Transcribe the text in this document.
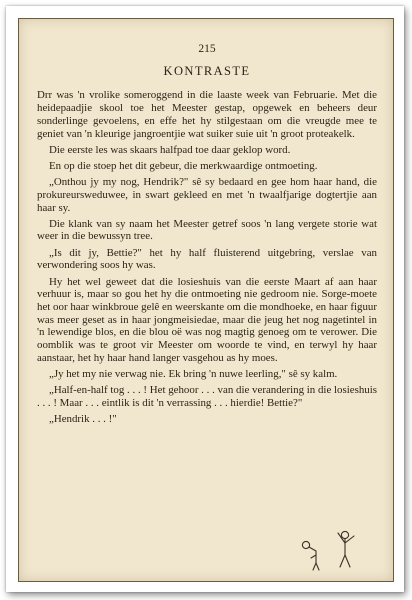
215
KONTRASTE

Drr was 'n vrolike someroggend in die laaste week van Februarie. Met die heidepaadjie skool toe het Meester gestap, opgewek en beheers deur sonderlinge gevoelens, en effe het hy stilgestaan om die vreugde mee te geniet van 'n kleurige jangroentjie wat suiker suie uit 'n groot proteakelk.

Die eerste les was skaars halfpad toe daar geklop word.

En op die stoep het dit gebeur, die merkwaardige ontmoeting.

„Onthou jy my nog, Hendrik?" sê sy bedaard en gee hom haar hand, die prokureursweduwee, in swart gekleed en met 'n twaalfjarige dogtertjie aan haar sy.

Die klank van sy naam het Meester getref soos 'n lang vergete storie wat weer in die bewussyn tree.

„Is dit jy, Bettie?" het hy half fluisterend uitgebring, verslae van verwondering soos hy was.

Hy het wel geweet dat die losieshuis van die eerste Maart af aan haar verhuur is, maar so gou het hy die ontmoeting nie gedroom nie. Sorge-moete het oor haar winkbroue gelê en weerskante om die mondhoeke, en haar figuur was meer geset as in haar jongmeisiedae, maar die jeug het nog nagetintel in 'n lewendige blos, en die blou oë was nog magtig genoeg om te verower. Die oomblik was te groot vir Meester om woorde te vind, en terwyl hy haar aanstaar, het hy haar hand langer vasgehou as hy moes.

„Jy het my nie verwag nie. Ek bring 'n nuwe leerling," sê sy kalm.

„Half-en-half tog . . . ! Het gehoor . . . van die verandering in die losieshuis . . . ! Maar . . . eintlik is dit 'n verrassing . . . hierdie! Bettie?"

„Hendrik . . . !"
